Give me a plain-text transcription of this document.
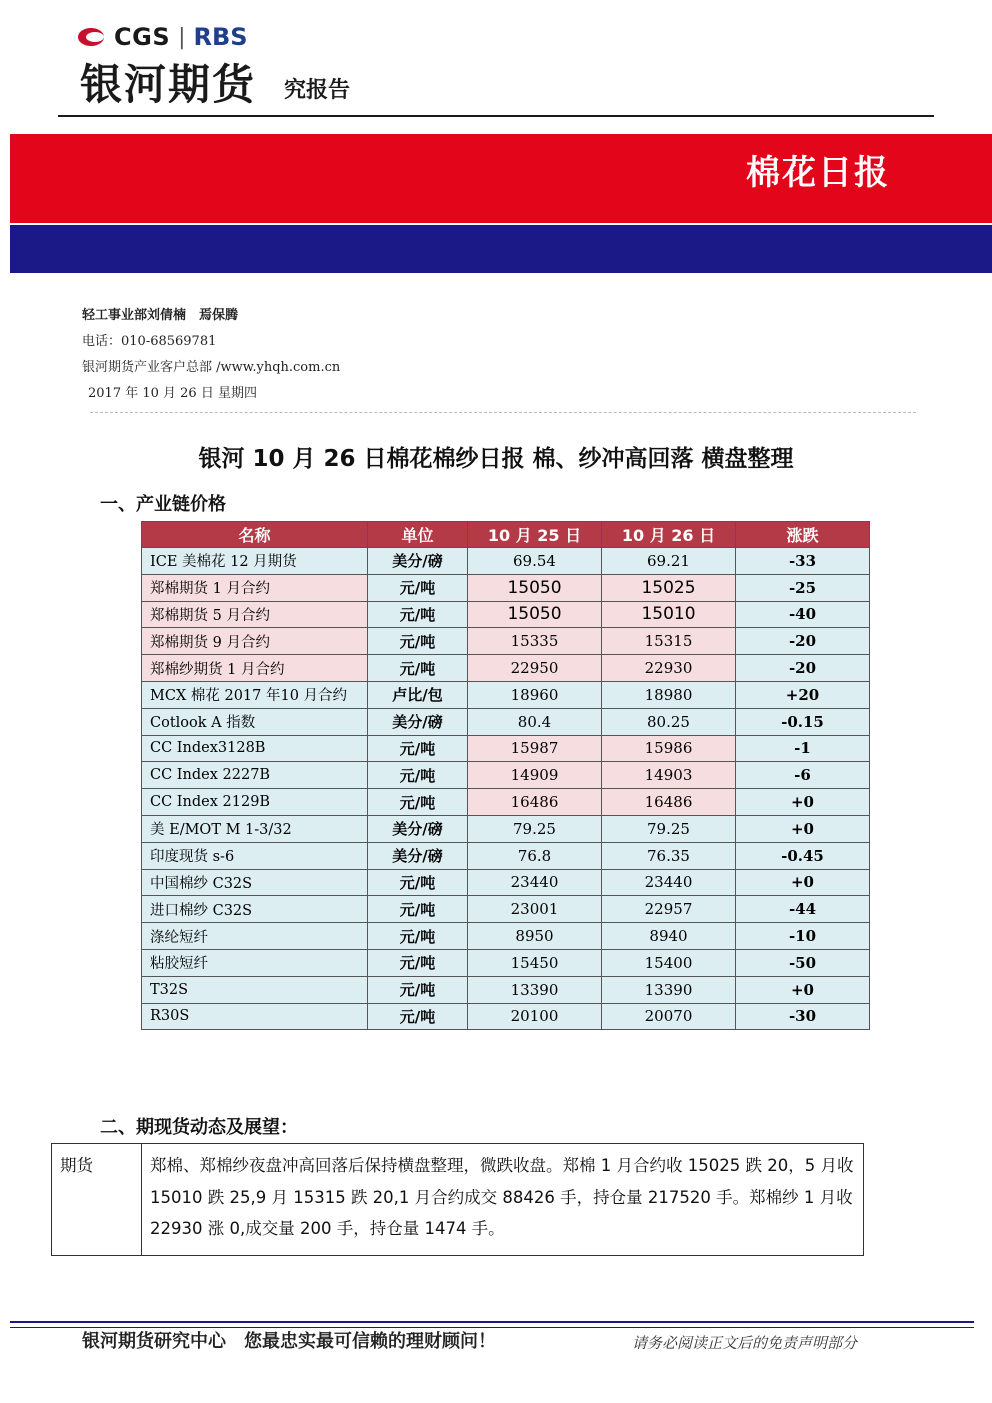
CGS | RBS
银河期货 究报告
棉花日报
轻工事业部刘倩楠　焉保腾
电话：010-68569781
银河期货产业客户总部 /www.yhqh.com.cn
2017 年 10 月 26 日 星期四
银河 10 月 26 日棉花棉纱日报 棉、纱冲高回落 横盘整理
一、产业链价格
名称	单位	10 月 25 日	10 月 26 日	涨跌
ICE 美棉花 12 月期货	美分/磅	69.54	69.21	-33
郑棉期货 1 月合约	元/吨	15050	15025	-25
郑棉期货 5 月合约	元/吨	15050	15010	-40
郑棉期货 9 月合约	元/吨	15335	15315	-20
郑棉纱期货 1 月合约	元/吨	22950	22930	-20
MCX 棉花 2017 年10 月合约	卢比/包	18960	18980	+20
Cotlook A 指数	美分/磅	80.4	80.25	-0.15
CC Index3128B	元/吨	15987	15986	-1
CC Index 2227B	元/吨	14909	14903	-6
CC Index 2129B	元/吨	16486	16486	+0
美 E/MOT M 1-3/32	美分/磅	79.25	79.25	+0
印度现货 s-6	美分/磅	76.8	76.35	-0.45
中国棉纱 C32S	元/吨	23440	23440	+0
进口棉纱 C32S	元/吨	23001	22957	-44
涤纶短纤	元/吨	8950	8940	-10
粘胶短纤	元/吨	15450	15400	-50
T32S	元/吨	13390	13390	+0
R30S	元/吨	20100	20070	-30
二、期现货动态及展望：
期货	郑棉、郑棉纱夜盘冲高回落后保持横盘整理，微跌收盘。郑棉 1 月合约收 15025 跌 20，5 月收 15010 跌 25,9 月 15315 跌 20,1 月合约成交 88426 手，持仓量 217520 手。郑棉纱 1 月收 22930 涨 0,成交量 200 手，持仓量 1474 手。
银河期货研究中心　您最忠实最可信赖的理财顾问！	请务必阅读正文后的免责声明部分
